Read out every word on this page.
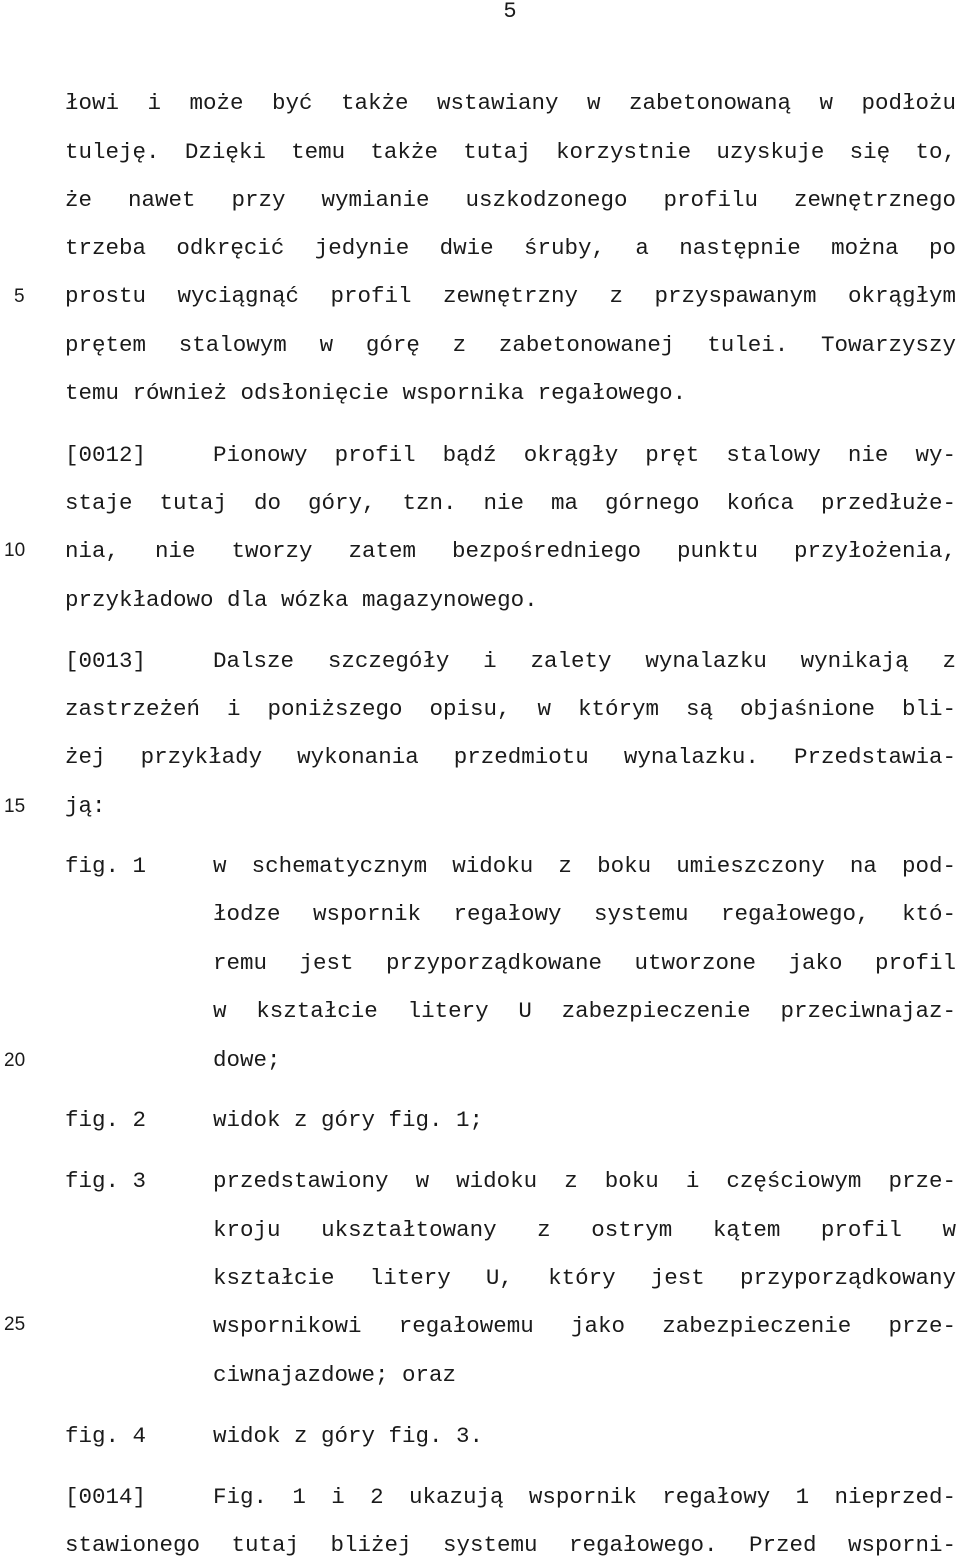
5
5
10
15
20
25
łowi i może być także wstawiany w zabetonowaną w podłożu
tuleję. Dzięki temu także tutaj korzystnie uzyskuje się to,
że nawet przy wymianie uszkodzonego profilu zewnętrznego
trzeba odkręcić jedynie dwie śruby, a następnie można po
prostu wyciągnąć profil zewnętrzny z przyspawanym okrągłym
prętem stalowym w górę z zabetonowanej tulei. Towarzyszy
temu również odsłonięcie wspornika regałowego.
[0012]	Pionowy profil bądź okrągły pręt stalowy nie wy-
staje tutaj do góry, tzn. nie ma górnego końca przedłuże-
nia, nie tworzy zatem bezpośredniego punktu przyłożenia,
przykładowo dla wózka magazynowego.
[0013]	Dalsze szczegóły i zalety wynalazku wynikają z
zastrzeżeń i poniższego opisu, w którym są objaśnione bli-
żej przykłady wykonania przedmiotu wynalazku. Przedstawia-
ją:
fig. 1	w schematycznym widoku z boku umieszczony na pod-
łodze wspornik regałowy systemu regałowego, któ-
remu jest przyporządkowane utworzone jako profil
w kształcie litery U zabezpieczenie przeciwnajaz-
dowe;
fig. 2	widok z góry fig. 1;
fig. 3	przedstawiony w widoku z boku i częściowym prze-
kroju ukształtowany z ostrym kątem profil w
kształcie litery U, który jest przyporządkowany
wspornikowi regałowemu jako zabezpieczenie prze-
ciwnajazdowe; oraz
fig. 4	widok z góry fig. 3.
[0014]	Fig. 1 i 2 ukazują wspornik regałowy 1 nieprzed-
stawionego tutaj bliżej systemu regałowego. Przed wsporni-
